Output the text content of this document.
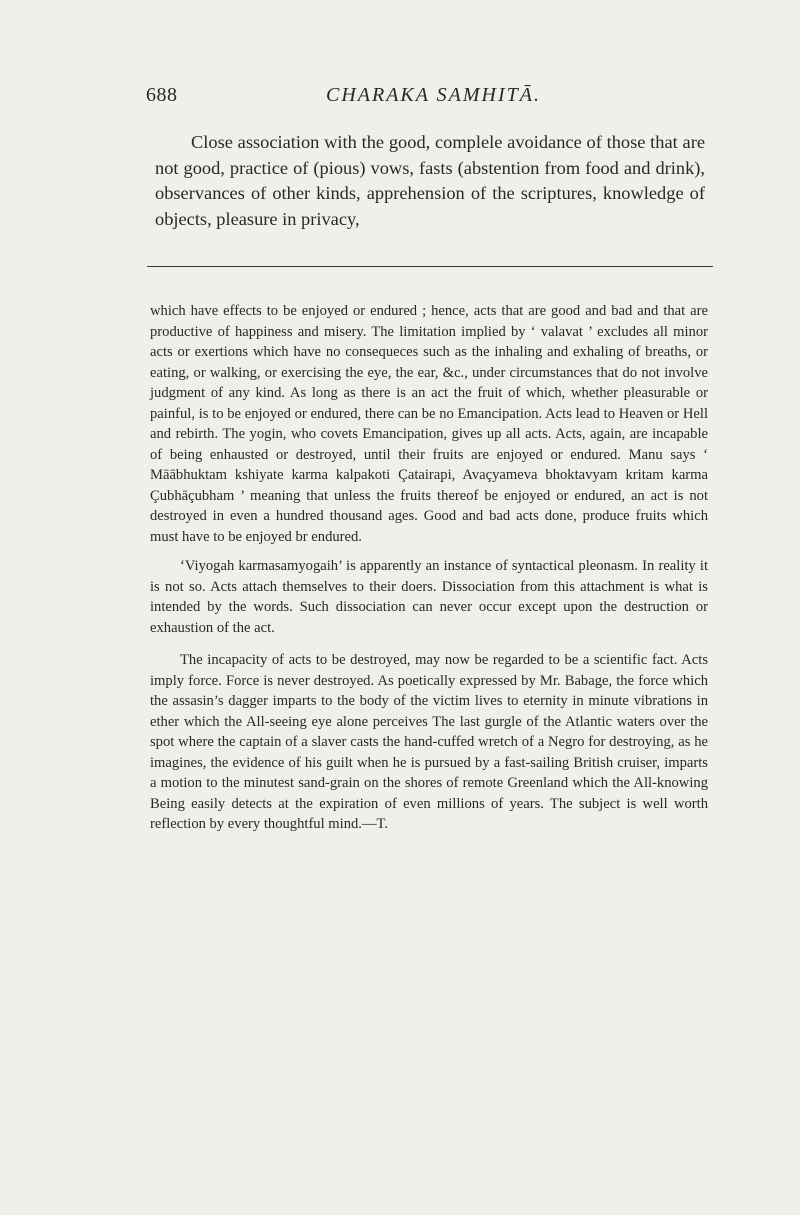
688	CHARAKA SAMHITĀ.

Close association with the good, complele avoidance of those that are not good, practice of (pious) vows, fasts (abstention from food and drink), observances of other kinds, apprehension of the scriptures, knowledge of objects, pleasure in privacy,

which have effects to be enjoyed or endured ; hence, acts that are good and bad and that are productive of happiness and misery. The limitation implied by ‘ valavat ’ excludes all minor acts or exertions which have no consequeces such as the inhaling and exhaling of breaths, or eating, or walking, or exercising the eye, the ear, &c., under circumstances that do not involve judgment of any kind. As long as there is an act the fruit of which, whether pleasurable or painful, is to be enjoyed or endured, there can be no Emancipation. Acts lead to Heaven or Hell and rebirth. The yogin, who covets Emancipation, gives up all acts. Acts, again, are incapable of being enhausted or destroyed, until their fruits are enjoyed or endured. Manu says ‘ Māābhuktam kshiyate karma kalpakoti Çatairapi, Avaçyameva bhoktavyam kritam karma Çubhāçubham ’ meaning that unless the fruits thereof be enjoyed or endured, an act is not destroyed in even a hundred thousand ages. Good and bad acts done, produce fruits which must have to be enjoyed br endured.

‘Viyogah karmasamyogaih’ is apparently an instance of syntactical pleonasm. In reality it is not so. Acts attach themselves to their doers. Dissociation from this attachment is what is intended by the words. Such dissociation can never occur except upon the destruction or exhaustion of the act.

The incapacity of acts to be destroyed, may now be regarded to be a scientific fact. Acts imply force. Force is never destroyed. As poetically expressed by Mr. Babage, the force which the assasin’s dagger imparts to the body of the victim lives to eternity in minute vibrations in ether which the All-seeing eye alone perceives The last gurgle of the Atlantic waters over the spot where the captain of a slaver casts the hand-cuffed wretch of a Negro for destroying, as he imagines, the evidence of his guilt when he is pursued by a fast-sailing British cruiser, imparts a motion to the minutest sand-grain on the shores of remote Greenland which the All-knowing Being easily detects at the expiration of even millions of years. The subject is well worth reflection by every thoughtful mind.—T.
